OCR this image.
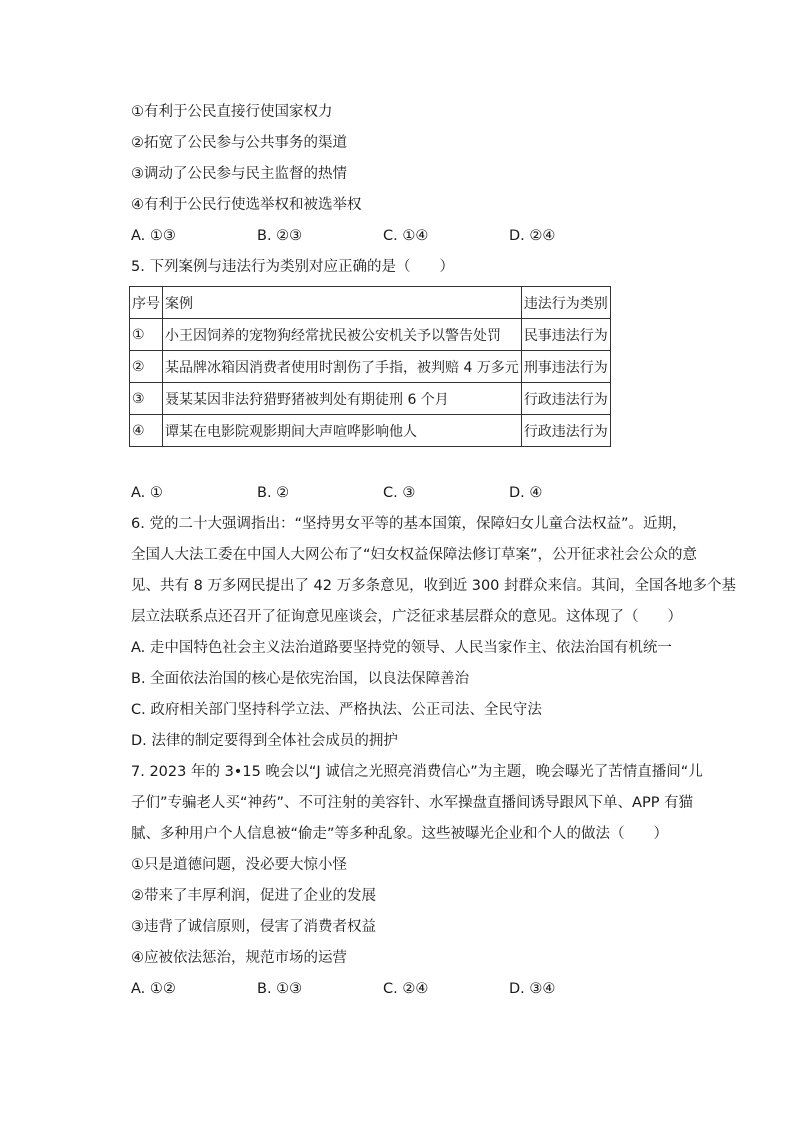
①有利于公民直接行使国家权力
②拓宽了公民参与公共事务的渠道
③调动了公民参与民主监督的热情
④有利于公民行使选举权和被选举权
A. ①③	B. ②③	C. ①④	D. ②④
5. 下列案例与违法行为类别对应正确的是（　　）
序号	案例	违法行为类别
①	小王因饲养的宠物狗经常扰民被公安机关予以警告处罚	民事违法行为
②	某品牌冰箱因消费者使用时割伤了手指，被判赔 4 万多元	刑事违法行为
③	聂某某因非法狩猎野猪被判处有期徒刑 6 个月	行政违法行为
④	谭某在电影院观影期间大声喧哗影响他人	行政违法行为
A. ①	B. ②	C. ③	D. ④
6. 党的二十大强调指出：“坚持男女平等的基本国策，保障妇女儿童合法权益”。近期，
全国人大法工委在中国人大网公布了“妇女权益保障法修订草案”，公开征求社会公众的意
见、共有 8 万多网民提出了 42 万多条意见，收到近 300 封群众来信。其间，全国各地多个基
层立法联系点还召开了征询意见座谈会，广泛征求基层群众的意见。这体现了（　　）
A. 走中国特色社会主义法治道路要坚持党的领导、人民当家作主、依法治国有机统一
B. 全面依法治国的核心是依宪治国，以良法保障善治
C. 政府相关部门坚持科学立法、严格执法、公正司法、全民守法
D. 法律的制定要得到全体社会成员的拥护
7. 2023 年的 3•15 晚会以“J 诚信之光照亮消费信心”为主题，晚会曝光了苦情直播间“儿
子们”专骗老人买“神药”、不可注射的美容针、水军操盘直播间诱导跟风下单、APP 有猫
腻、多种用户个人信息被“偷走”等多种乱象。这些被曝光企业和个人的做法（　　）
①只是道德问题，没必要大惊小怪
②带来了丰厚利润，促进了企业的发展
③违背了诚信原则，侵害了消费者权益
④应被依法惩治，规范市场的运营
A. ①②	B. ①③	C. ②④	D. ③④
